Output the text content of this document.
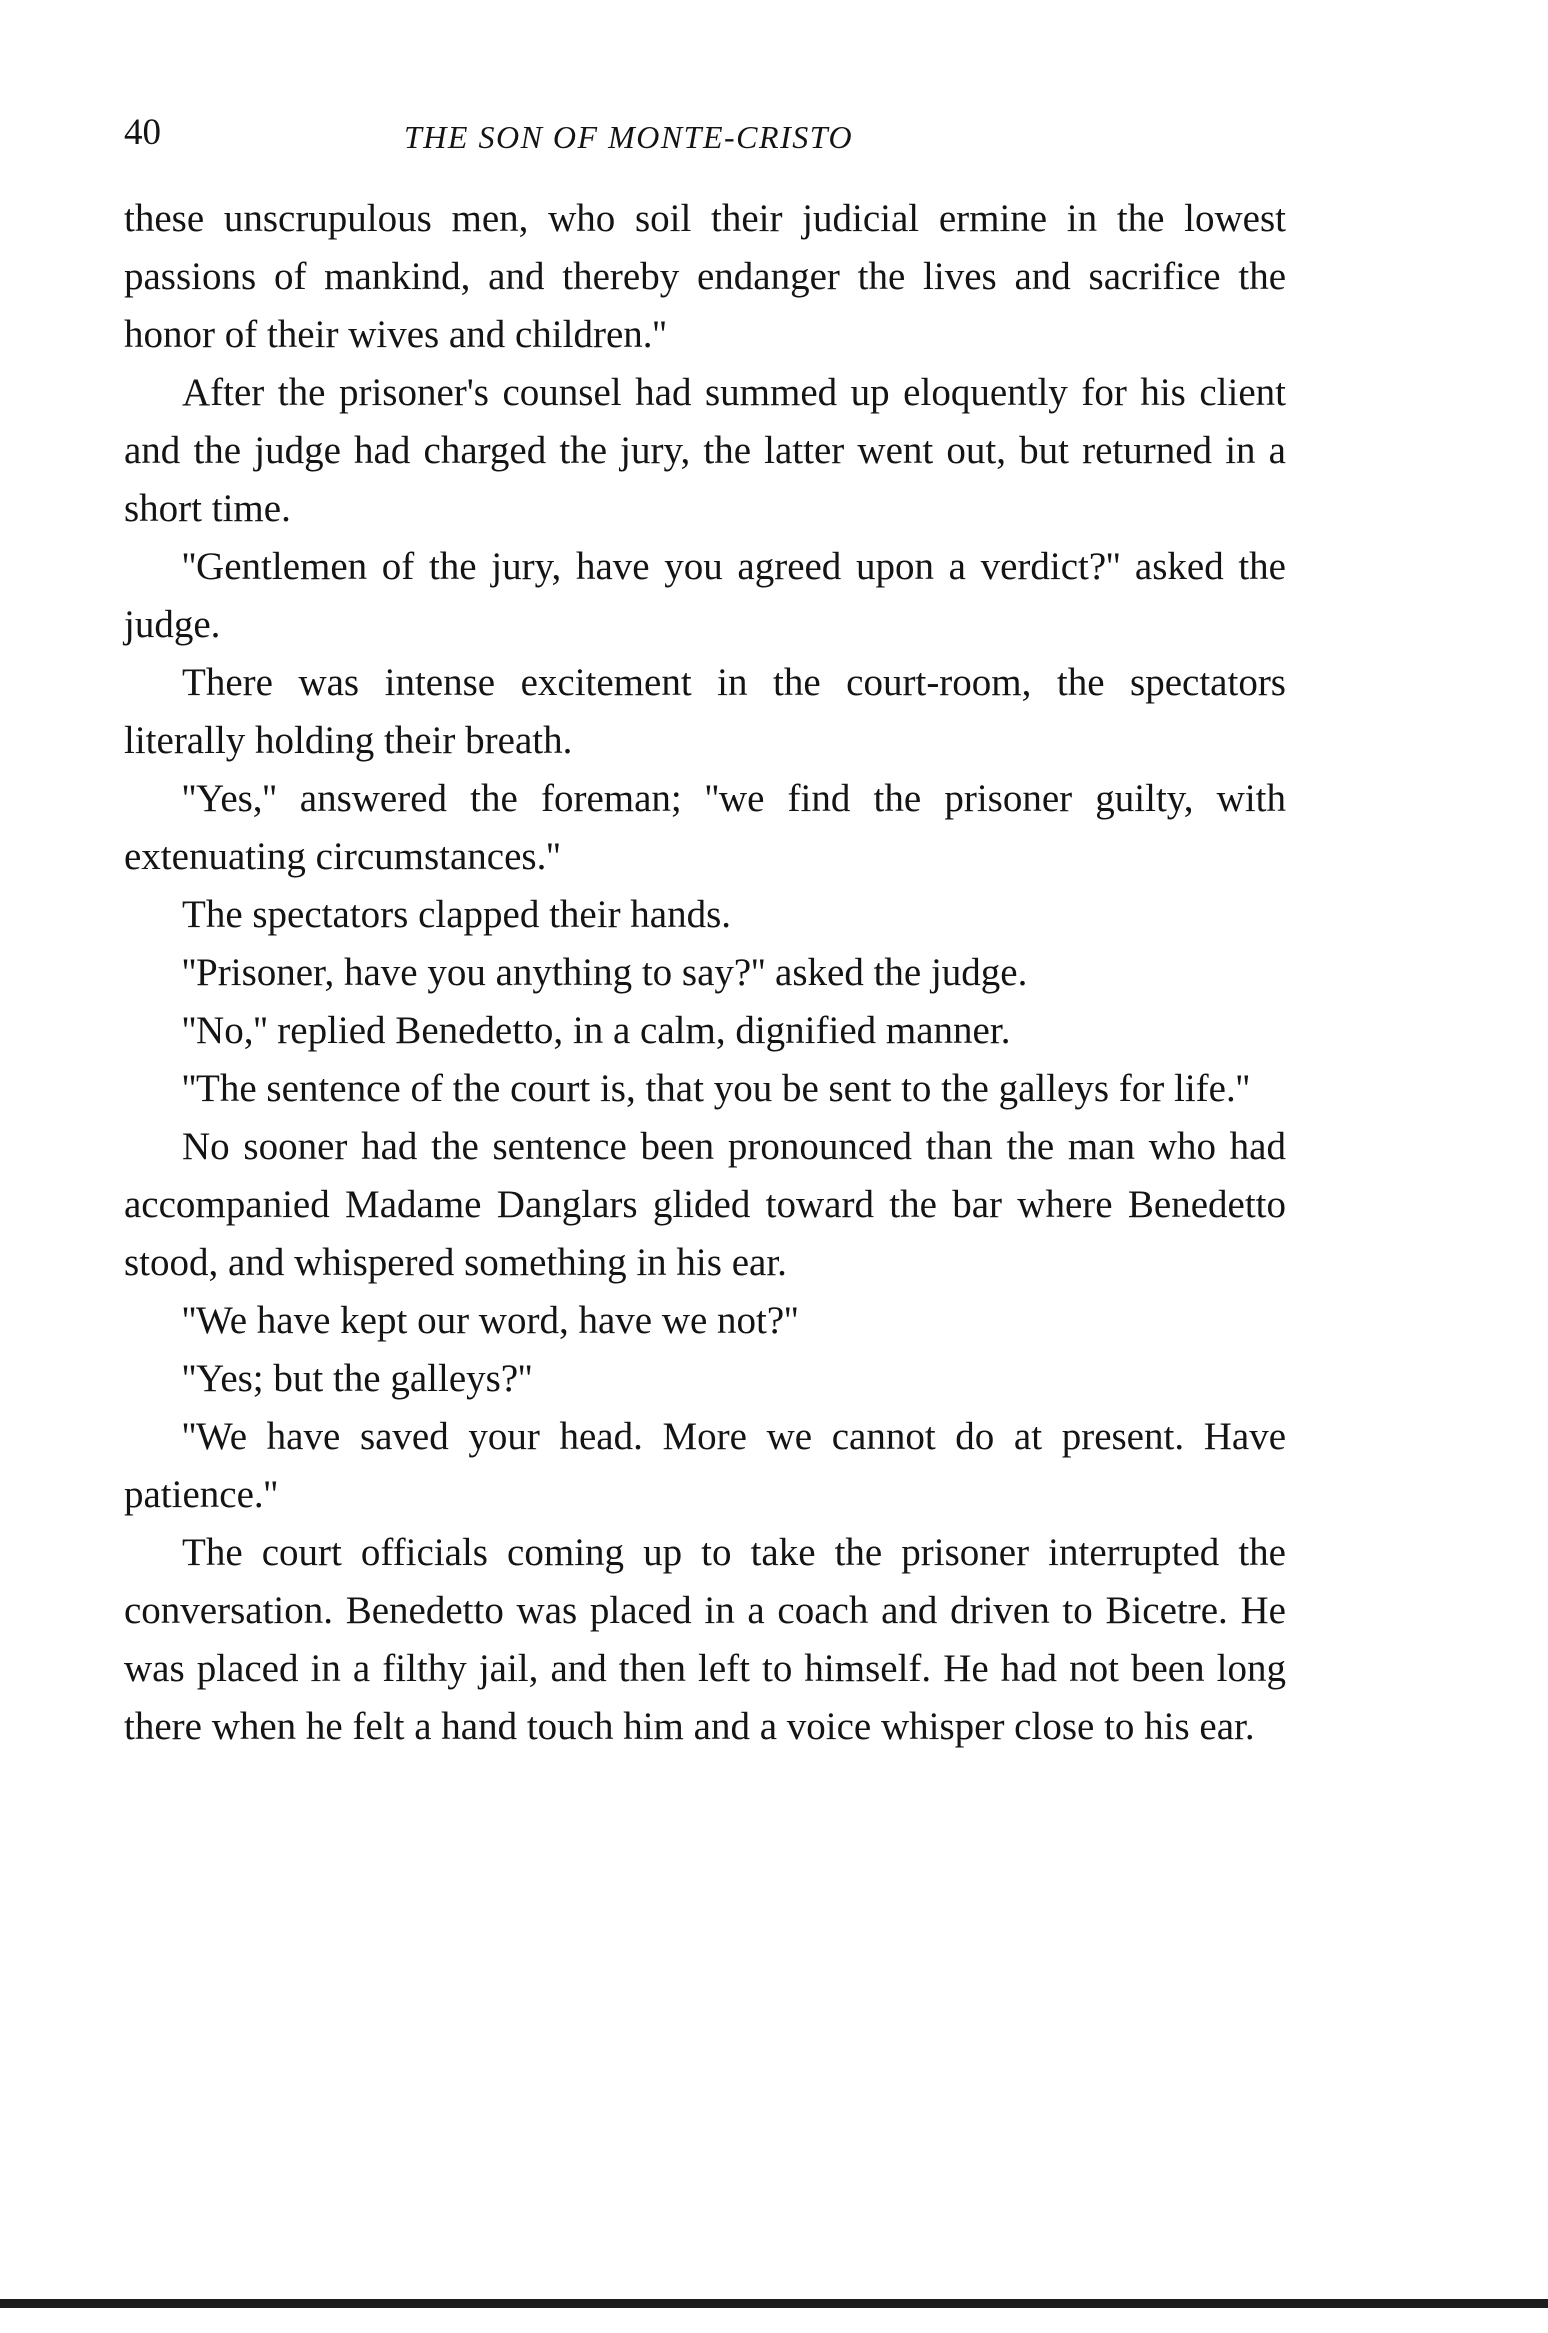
40	THE SON OF MONTE-CRISTO

these unscrupulous men, who soil their judicial ermine in the lowest passions of mankind, and thereby endanger the lives and sacrifice the honor of their wives and children.''

After the prisoner's counsel had summed up eloquently for his client and the judge had charged the jury, the latter went out, but returned in a short time.

''Gentlemen of the jury, have you agreed upon a verdict?'' asked the judge.

There was intense excitement in the court-room, the spectators literally holding their breath.

''Yes,'' answered the foreman; ''we find the prisoner guilty, with extenuating circumstances.''

The spectators clapped their hands.

''Prisoner, have you anything to say?'' asked the judge.

''No,'' replied Benedetto, in a calm, dignified manner.

''The sentence of the court is, that you be sent to the galleys for life.''

No sooner had the sentence been pronounced than the man who had accompanied Madame Danglars glided toward the bar where Benedetto stood, and whispered something in his ear.

''We have kept our word, have we not?''

''Yes; but the galleys?''

''We have saved your head. More we cannot do at present. Have patience.''

The court officials coming up to take the prisoner interrupted the conversation. Benedetto was placed in a coach and driven to Bicetre. He was placed in a filthy jail, and then left to himself. He had not been long there when he felt a hand touch him and a voice whisper close to his ear.
